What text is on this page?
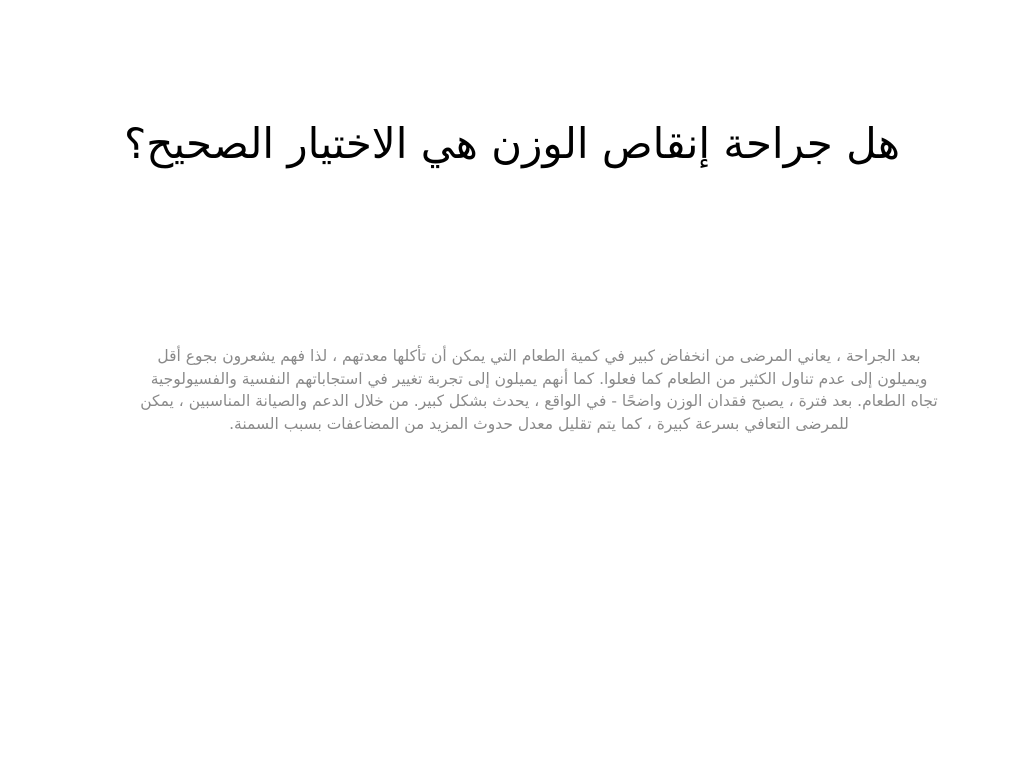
هل جراحة إنقاص الوزن هي الاختيار الصحيح؟

بعد الجراحة ، يعاني المرضى من انخفاض كبير في كمية الطعام التي يمكن أن تأكلها معدتهم ، لذا فهم يشعرون بجوع أقل ويميلون إلى عدم تناول الكثير من الطعام كما فعلوا. كما أنهم يميلون إلى تجربة تغيير في استجاباتهم النفسية والفسيولوجية تجاه الطعام. بعد فترة ، يصبح فقدان الوزن واضحًا - في الواقع ، يحدث بشكل كبير. من خلال الدعم والصيانة المناسبين ، يمكن للمرضى التعافي بسرعة كبيرة ، كما يتم تقليل معدل حدوث المزيد من المضاعفات بسبب السمنة.
